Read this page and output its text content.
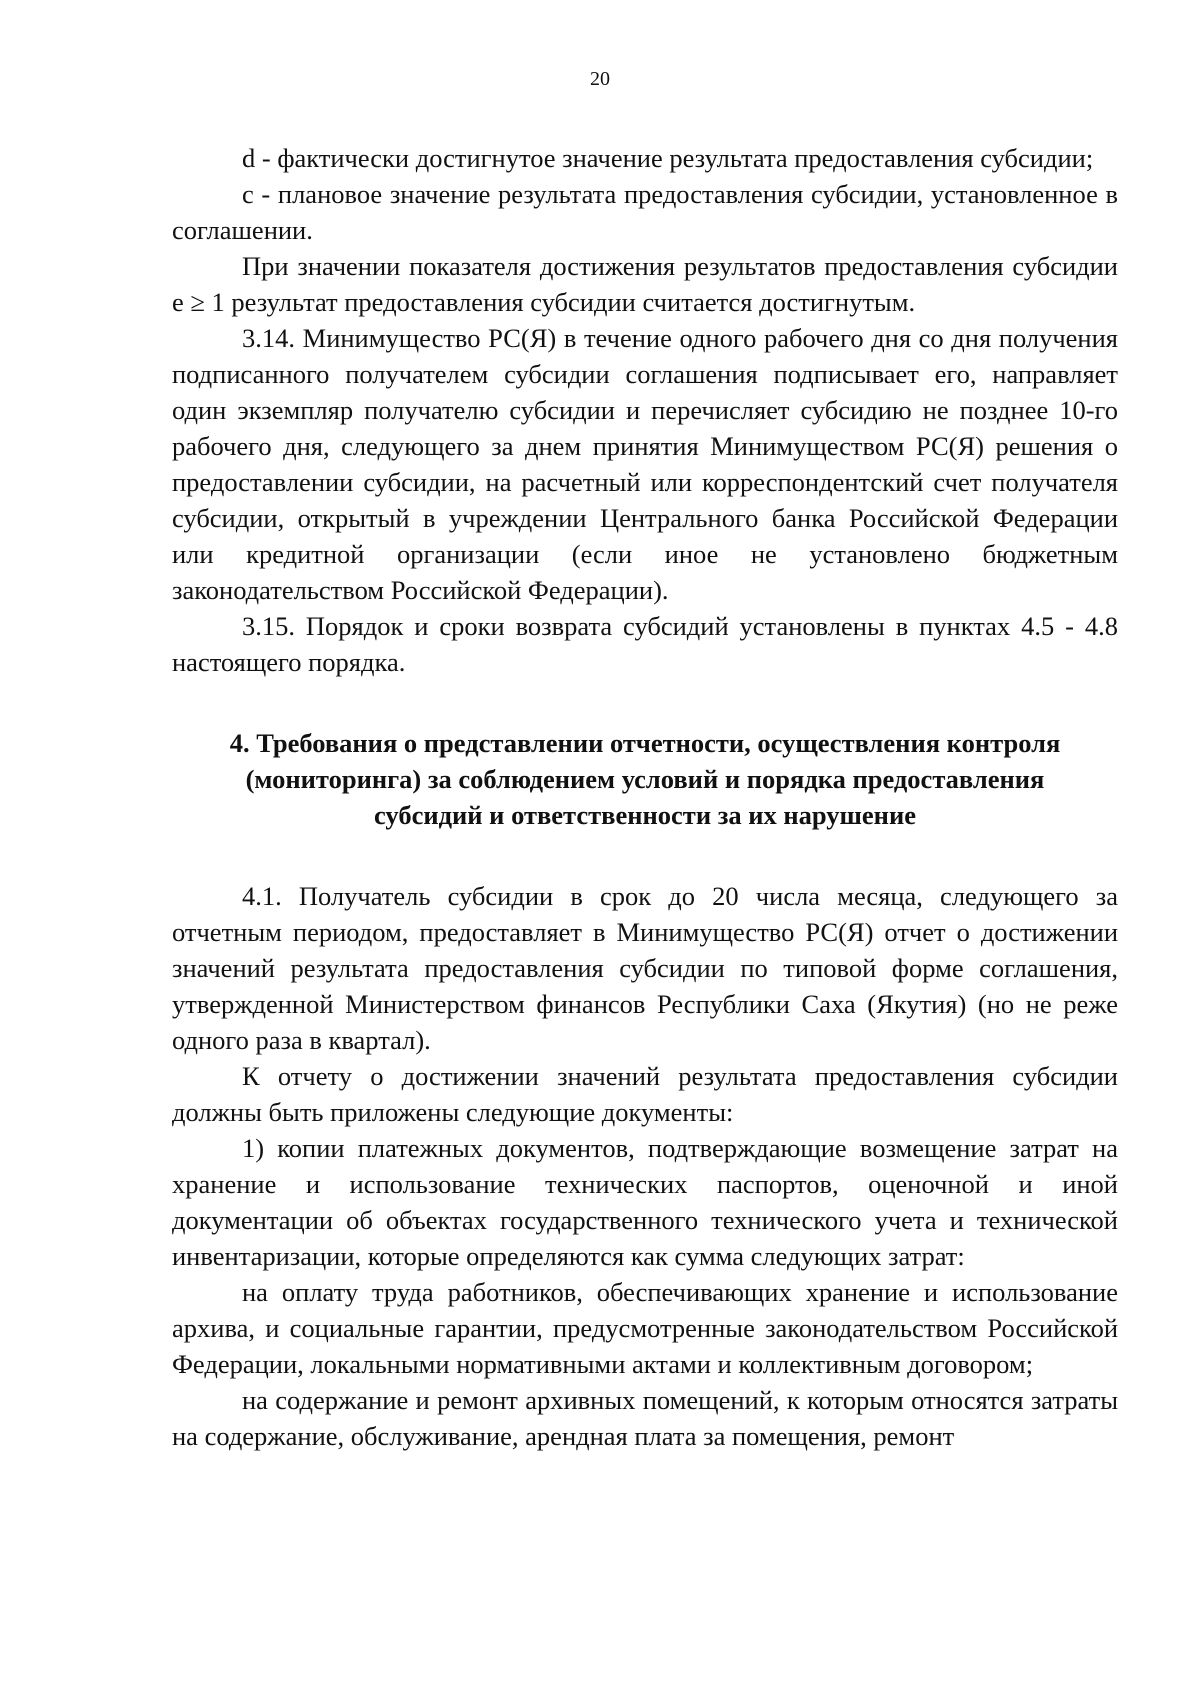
20

d - фактически достигнутое значение результата предоставления субсидии;

c - плановое значение результата предоставления субсидии, установленное в соглашении.

При значении показателя достижения результатов предоставления субсидии e ≥ 1 результат предоставления субсидии считается достигнутым.

3.14. Минимущество РС(Я) в течение одного рабочего дня со дня получения подписанного получателем субсидии соглашения подписывает его, направляет один экземпляр получателю субсидии и перечисляет субсидию не позднее 10-го рабочего дня, следующего за днем принятия Минимуществом РС(Я) решения о предоставлении субсидии, на расчетный или корреспондентский счет получателя субсидии, открытый в учреждении Центрального банка Российской Федерации или кредитной организации (если иное не установлено бюджетным законодательством Российской Федерации).

3.15. Порядок и сроки возврата субсидий установлены в пунктах 4.5 - 4.8 настоящего порядка.

4. Требования о представлении отчетности, осуществления контроля (мониторинга) за соблюдением условий и порядка предоставления субсидий и ответственности за их нарушение

4.1. Получатель субсидии в срок до 20 числа месяца, следующего за отчетным периодом, предоставляет в Минимущество РС(Я) отчет о достижении значений результата предоставления субсидии по типовой форме соглашения, утвержденной Министерством финансов Республики Саха (Якутия) (но не реже одного раза в квартал).

К отчету о достижении значений результата предоставления субсидии должны быть приложены следующие документы:

1) копии платежных документов, подтверждающие возмещение затрат на хранение и использование технических паспортов, оценочной и иной документации об объектах государственного технического учета и технической инвентаризации, которые определяются как сумма следующих затрат:

на оплату труда работников, обеспечивающих хранение и использование архива, и социальные гарантии, предусмотренные законодательством Российской Федерации, локальными нормативными актами и коллективным договором;

на содержание и ремонт архивных помещений, к которым относятся затраты на содержание, обслуживание, арендная плата за помещения, ремонт
